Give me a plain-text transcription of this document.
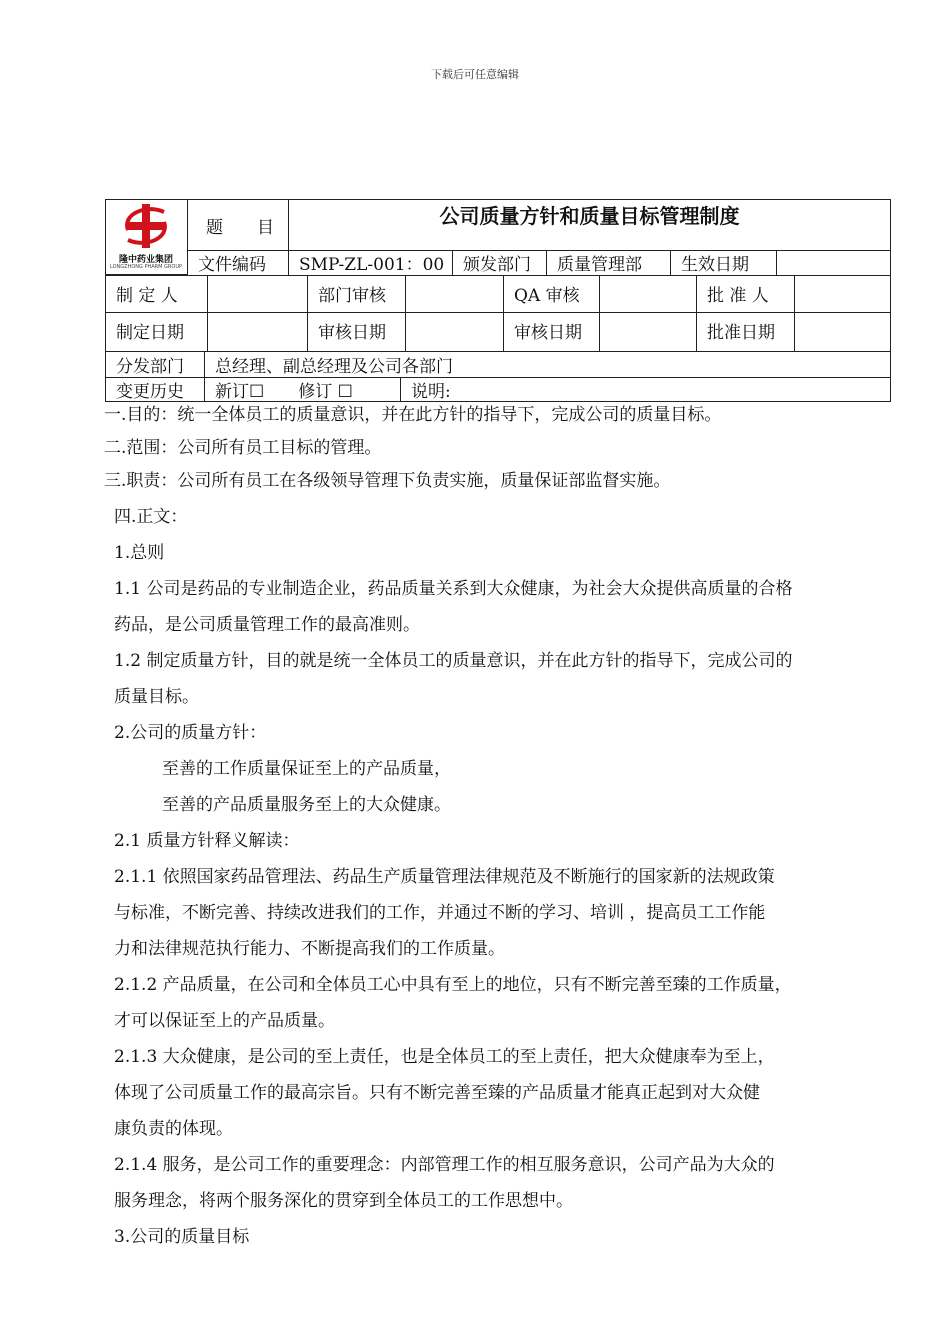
下载后可任意编辑
隆中药业集团
LONGZHONG PHARM GROUP
题　　目	公司质量方针和质量目标管理制度
文件编码	SMP-ZL-001：00	颁发部门	质量管理部	生效日期
制 定 人	部门审核	QA 审核	批 准 人
制定日期	审核日期	审核日期	批准日期
分发部门	总经理、副总经理及公司各部门
变更历史	新订☐ 修订 ☐	说明:

一.目的：统一全体员工的质量意识，并在此方针的指导下，完成公司的质量目标。

二.范围：公司所有员工目标的管理。

三.职责：公司所有员工在各级领导管理下负责实施，质量保证部监督实施。

四.正文：

1.总则

1.1 公司是药品的专业制造企业，药品质量关系到大众健康，为社会大众提供高质量的合格

药品，是公司质量管理工作的最高准则。

1.2 制定质量方针，目的就是统一全体员工的质量意识，并在此方针的指导下，完成公司的

质量目标。

2.公司的质量方针：

至善的工作质量保证至上的产品质量，

至善的产品质量服务至上的大众健康。

2.1 质量方针释义解读：

2.1.1 依照国家药品管理法、药品生产质量管理法律规范及不断施行的国家新的法规政策

与标准，不断完善、持续改进我们的工作，并通过不断的学习、培训 ，提高员工工作能

力和法律规范执行能力、不断提高我们的工作质量。

2.1.2 产品质量，在公司和全体员工心中具有至上的地位，只有不断完善至臻的工作质量，

才可以保证至上的产品质量。

2.1.3 大众健康，是公司的至上责任，也是全体员工的至上责任，把大众健康奉为至上，

体现了公司质量工作的最高宗旨。只有不断完善至臻的产品质量才能真正起到对大众健

康负责的体现。

2.1.4 服务，是公司工作的重要理念：内部管理工作的相互服务意识，公司产品为大众的

服务理念，将两个服务深化的贯穿到全体员工的工作思想中。

3.公司的质量目标
